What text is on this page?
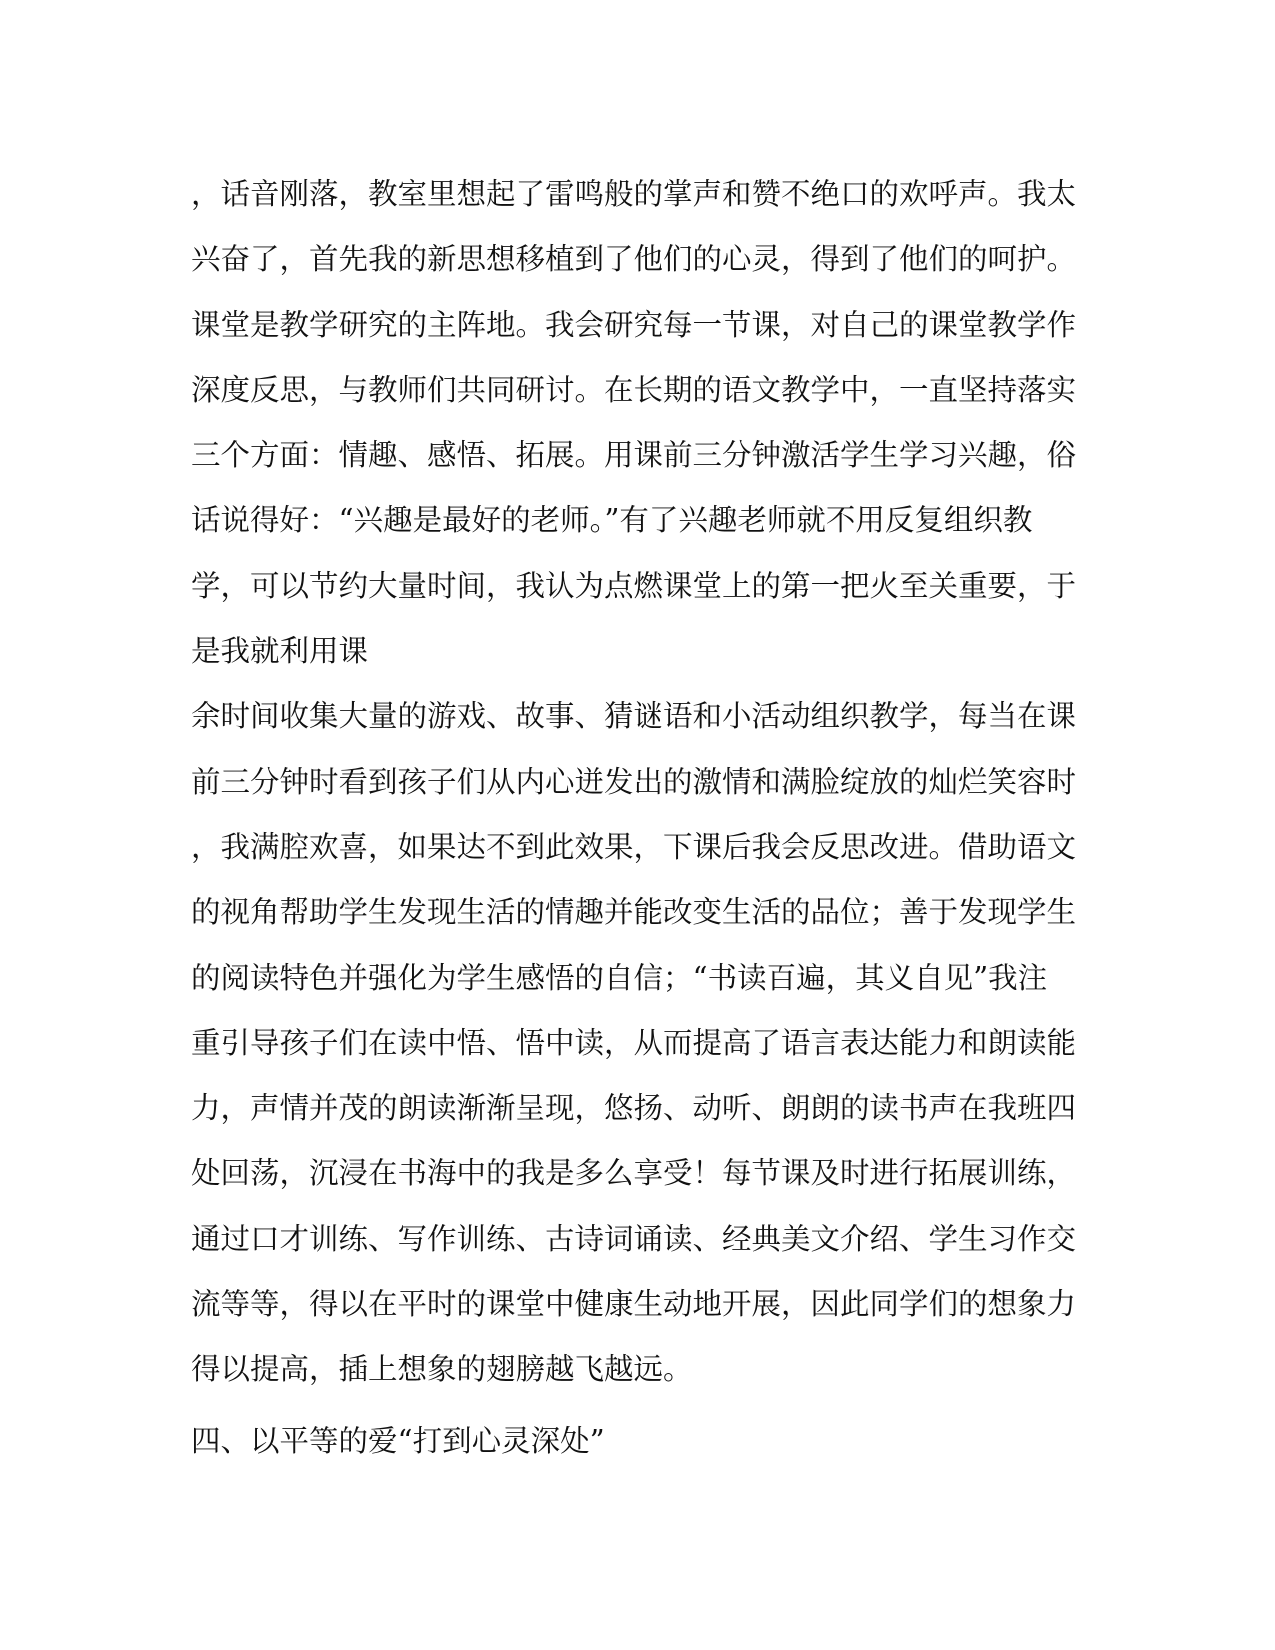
，话音刚落，教室里想起了雷鸣般的掌声和赞不绝口的欢呼声。我太
兴奋了，首先我的新思想移植到了他们的心灵，得到了他们的呵护。
课堂是教学研究的主阵地。我会研究每一节课，对自己的课堂教学作
深度反思，与教师们共同研讨。在长期的语文教学中，一直坚持落实
三个方面：情趣、感悟、拓展。用课前三分钟激活学生学习兴趣，俗
话说得好：“兴趣是最好的老师。”有了兴趣老师就不用反复组织教
学，可以节约大量时间，我认为点燃课堂上的第一把火至关重要，于
是我就利用课
余时间收集大量的游戏、故事、猜谜语和小活动组织教学，每当在课
前三分钟时看到孩子们从内心迸发出的激情和满脸绽放的灿烂笑容时
，我满腔欢喜，如果达不到此效果，下课后我会反思改进。借助语文
的视角帮助学生发现生活的情趣并能改变生活的品位；善于发现学生
的阅读特色并强化为学生感悟的自信；“书读百遍，其义自见”我注
重引导孩子们在读中悟、悟中读，从而提高了语言表达能力和朗读能
力，声情并茂的朗读渐渐呈现，悠扬、动听、朗朗的读书声在我班四
处回荡，沉浸在书海中的我是多么享受！每节课及时进行拓展训练，
通过口才训练、写作训练、古诗词诵读、经典美文介绍、学生习作交
流等等，得以在平时的课堂中健康生动地开展，因此同学们的想象力
得以提高，插上想象的翅膀越飞越远。
四、以平等的爱“打到心灵深处”
